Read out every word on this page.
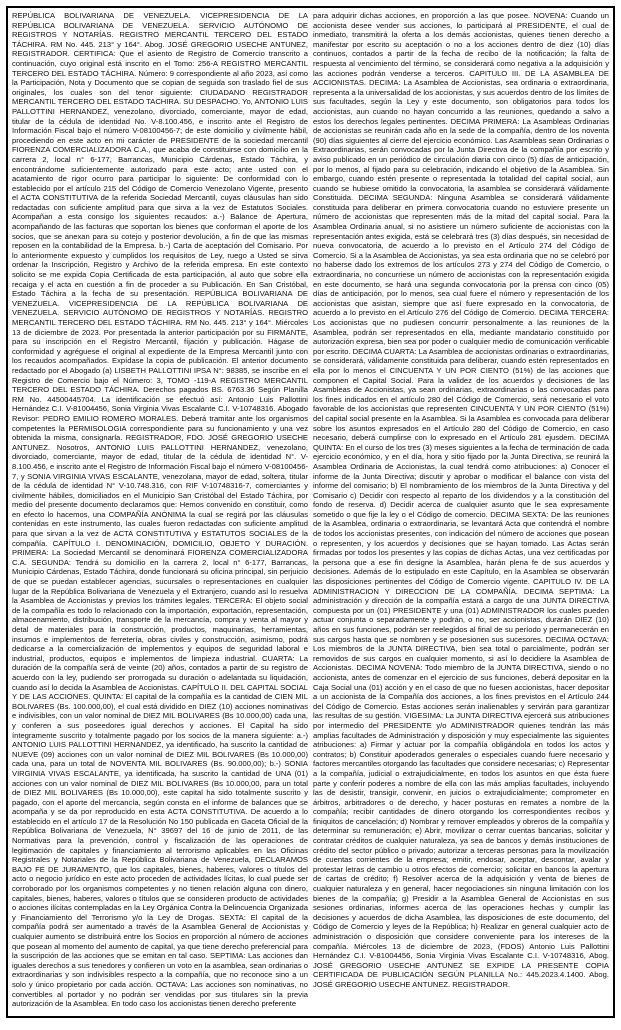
REPÚBLICA BOLIVARIANA DE VENEZUELA. VICEPRESIDENCIA DE LA REPÚBLICA BOLIVARIANA DE VENEZUELA. SERVICIO AUTÓNOMO DE REGISTROS Y NOTARÍAS. REGISTRO MERCANTIL TERCERO DEL ESTADO TÁCHIRA. RM No. 445. 213° y 164°. Abog. JOSÉ GREGORIO USECHE ANTUNEZ, REGISTRADOR. CERTIFICA: Que el asiento de Registro de Comercio transcrito a continuación, cuyo original está inscrito en el Tomo: 256-A REGISTRO MERCANTIL TERCERO DEL ESTADO TÁCHIRA. Número: 9 correspondiente al año 2023, así como la Participación, Nota y Documento que se copian de seguida son traslado fiel de sus originales, los cuales son del tenor siguiente: CIUDADANO REGISTRADOR MERCANTIL TERCERO DEL ESTADO TACHIRA. SU DESPACHO. Yo, ANTONIO LUIS PALLOTTINI HERNANDEZ, venezolano, divorciado, comerciante, mayor de edad, titular de la cédula de identidad No. V-8.100.456, e inscrito ante el Registro de Información Fiscal bajo el número V-08100456-7; de este domicilio y civilmente hábil, procediendo en este acto en mi carácter de PRESIDENTE de la sociedad mercantil FIORENZA COMERCIALIZADORA C.A., que acaba de constituirse con domicilio en la carrera 2, local n° 6-177, Barrancas, Municipio Cárdenas, Estado Táchira, y encontrándome suficientemente autorizado para este acto; ante usted con el acatamiento de rigor ocurro para participar lo siguiente: De conformidad con lo establecido por el artículo 215 del Código de Comercio Venezolano Vigente, presento el ACTA CONSTITUTIVA de la referida Sociedad Mercantil, cuyas cláusulas han sido redactadas con suficiente amplitud para que sirva a la vez de Estatutos Sociales. Acompañan a esta consigo los siguientes recaudos: a.-) Balance de Apertura, acompañando de las facturas que soportan los bienes que conforman el aporte de los socios, que se anexan para su cotejo y posterior devolución, a fin de que las mismas reposen en la contabilidad de la Empresa. b.-) Carta de aceptación del Comisario. Por lo anteriormente expuesto y cumplidos los requisitos de Ley, ruego a Usted se sirva ordenar la Inscripción, Registro y Archivo de la referida empresa. En este contexto solicito se me expida Copia Certificada de esta participación, al auto que sobre ella recaiga y el acta en cuestión a fin de proceder a su Publicación. En San Cristóbal, Estado Táchira a la fecha de su presentación. REPÚBLICA BOLIVARIANA DE VENEZUELA. VICEPRESIDENCIA DE LA REPÚBLICA BOLIVARIANA DE VENEZUELA. SERVICIO AUTÓNOMO DE REGISTROS Y NOTARÍAS. REGISTRO MERCANTIL TERCERO DEL ESTADO TÁCHIRA. RM No. 445. 213° y 164°. Miércoles 13 de diciembre de 2023. Por presentada la anterior participación por su FIRMANTE, para su inscripción en el Registro Mercantil, fíjación y publicación. Hágase de conformidad y agréguese el original al expediente de la Empresa Mercantil junto con los recaudos acompañados. Expídase la copia de publicación. El anterior documento redactado por el Abogado (a) LISBETH PALLOTTINI IPSA N°: 98385, se inscribe en el Registro de Comercio bajo el Número: 3, TOMO -119-A REGISTRO MERCANTIL TERCERO DEL ESTADO TÁCHIRA. Derechos pagados BS. 6763.36 Según Planilla RM No. 44500445704. La identificación se efectuó así: Antonio Luis Pallottini Hernández C.I. V-81004456, Sonia Virginia Vivas Escalante C.I. V-10748316. Abogado Revisor: PEDRO EMILIO ROMERO MORALES. Deberá tramitar ante los organismos competentes la PERMISOLOGIA correspondiente para su funcionamiento y una vez obtenida la misma, consignarla. REGISTRADOR, FDO. JOSÉ GREGORIO USECHE ANTUNEZ. Nosotros, ANTONIO LUIS PALLOTTINI HERNANDEZ, venezolano, divorciado, comerciante, mayor de edad, titular de la cédula de identidad N°. V-8.100.456, e inscrito ante el Registro de Información Fiscal bajo el número V-08100456-7, y SONIA VIRGINIA VIVAS ESCALANTE, venezolana, mayor de edad, soltera, titular de la cédula de identidad N° V-10.748.316, con RIF V-10748316-7, comerciantes y civilmente hábiles, domiciliados en el Municipio San Cristóbal del Estado Táchira, por medio del presente documento declaramos que: Hemos convenido en constituir, como en efecto lo hacemos, una COMPAÑÍA ANÓNIMA la cual se regirá por las cláusulas contenidas en este instrumento, las cuales fueron redactadas con suficiente amplitud para que sirvan a la vez de ACTA CONSTITUTIVA y ESTATUTOS SOCIALES de la compañía. CAPÍTULO I. DENOMINACIÓN, DOMICILIO, OBJETO Y DURACIÓN. PRIMERA: La Sociedad Mercantil se denominará FIORENZA COMERCIALIZADORA C.A. SEGUNDA: Tendrá su domicilio en la carrera 2, local n° 6-177, Barrancas, Municipio Cárdenas, Estado Táchira, donde funcionará su oficina principal, sin perjuicio de que se puedan establecer agencias, sucursales o representaciones en cualquier lugar de la República Bolivariana de Venezuela y el Extranjero, cuando así lo resuelva la Asamblea de Accionistas y previos los trámites legales. TERCERA: El objeto social de la compañía es todo lo relacionado con la importación, exportación, representación, almacenamiento, distribución, transporte de la mercancía, compra y venta al mayor y detal de materiales para la construcción, productos, maquinarias, herramientas, insumos e implementos de ferretería, obras civiles y construcción, asimismo, podrá dedicarse a la comercialización de implementos y equipos de seguridad laboral e industrial, productos, equipos e implementos de limpieza industrial. CUARTA: La duración de la compañía será de veinte (20) años, contados a partir de su registro de acuerdo con la ley, pudiendo ser prorrogada su duración o adelantada su liquidación, cuando así lo decida la Asamblea de Accionistas. CAPÍTULO II. DEL CAPITAL SOCIAL Y DE LAS ACCIONES. QUINTA: El capital de la compañía es la cantidad de CIEN MIL BOLIVARES (Bs. 100.000,00), el cual está dividido en DIEZ (10) acciones nominativas e indivisibles, con un valor nominal de DIEZ MIL BOLIVARES (Bs 10.000,00) cada una, y conferen a sus poseedores igual derechos y acciones. El Capital ha sido íntegramente suscrito y totalmente pagado por los socios de la manera siguiente: a.-) ANTONIO LUIS PALLOTTINI HERNANDEZ, ya identificado, ha suscrito la cantidad de NUEVE (09) acciones con un valor nominal de DIEZ MIL BOLIVARES (Bs 10.000,00) cada una, para un total de NOVENTA MIL BOLIVARES (Bs. 90.000,00); b.-) SONIA VIRGINIA VIVAS ESCALANTE, ya identificada, ha suscrito la cantidad de UNA (01) acciones con un valor nominal de DIEZ MIL BOLIVARES (Bs 10.000,00, para un total de DIEZ MIL BOLIVARES (Bs 10.000,00), este capital ha sido totalmente suscrito y pagado, con el aporte del mercancía, según consta en el informe de balances que se acompaña y se da por reproducido en esta ACTA CONSTITUTIVA. De acuerdo a lo establecido en el artículo 17 de la Resolución No 150 publicada en Gaceta Oficial de la República Bolivariana de Venezuela, N° 39697 del 16 de junio de 2011, de las Normativas para la prevención, control y fiscalización de las operaciones de legitimación de capitales y financiamiento al terrorismo aplicables en las Oficinas Registrales y Notariales de la República Bolivariana de Venezuela, DECLARAMOS BAJO FE DE JURAMENTO, que los capitales, bienes, haberes, valores o títulos del acto o negocio jurídico en este acto proceden de actividades lícitas, lo cual puede ser corroborado por los organismos competentes y no tienen relación alguna con dinero, capitales, bienes, haberes, valores o títulos que se consideren producto de actividades o acciones ilícitas contempladas en la Ley Orgánica Contra la Delincuencia Organizada y Financiamiento del Terrorismo y/o la Ley de Drogas. SEXTA: El capital de la compañía podrá ser aumentado a través de la Asamblea General de Accionistas y cualquier aumento se distribuirá entre los Socios en proporción al número de acciones que posean al momento del aumento de capital, ya que tiene derecho preferencial para la suscripción de las acciones que se emitan en tal caso. SEPTIMA: Las acciones dan iguales derechos a sus tenedores y confieren un voto en la asamblea, sean ordinarias o extraordinarias y son indivisibles respecto a la compañía, que no reconoce sino a un solo y único propietario por cada acción. OCTAVA: Las acciones son nominativas, no convertibles al portador y no podrán ser vendidas por sus titulares sin la previa autorización de la Asamblea. En todo caso los accionistas tienen derecho preferente

para adquirir dichas acciones, en proporción a las que posee. NOVENA: Cuando un accionista desee vender sus acciones, lo participará al PRESIDENTE, el cual de inmediato, transmitirá la oferta a los demás accionistas, quienes tienen derecho a manifestar por escrito su aceptación o no a los acciones dentro de diez (10) días continuos, contados a partir de la fecha de recibo de la notificación; la falta de respuesta al vencimiento del término, se considerará como negativa a la adquisición y las acciones podrán venderse a terceros. CAPITULO III. DE LA ASAMBLEA DE ACCIONISTAS. DECIMA: La Asamblea de Accionistas, sea ordinaria o extraordinaria, representa a la universalidad de los accionistas, y sus acuerdos dentro de los límites de sus facultades, según la Ley y este documento, son obligatorios para todos los accionistas, aun cuando no hayan concurrido a las reuniones, quedando a salvo a estos los derechos legales pertinentes. DECIMA PRIMERA: La Asambleas Ordinarias de accionistas se reunirán cada año en la sede de la compañía, dentro de los noventa (90) días siguientes al cierre del ejercicio económico. Las Asambleas sean Ordinarias o Extraordinarias, serán convocadas por la Junta Directiva de la compañía por escrito y aviso publicado en un periódico de circulación diaria con cinco (5) días de anticipación, por lo menos, al fijado para su celebración, indicando el objetivo de la Asamblea. Sin embargo, cuando estén presente o representada la totalidad del capital social, aun cuando se hubiese omitido la convocatoria, la asamblea se considerará válidamente Constituida. DECIMA SEGUNDA: Ninguna Asamblea se considerará válidamente constituida para deliberar en primera convocatoria cuando no estuviere presente un número de accionistas que representen más de la mitad del capital social. Para la Asamblea Ordinaria anual, si no asistiere un número suficiente de accionistas con la representación antes exigida, está se celebrará tres (3) días después, sin necesidad de nueva convocatoria, de acuerdo a lo previsto en el Artículo 274 del Código de Comercio. Si a la Asamblea de Accionistas, ya sea esta ordinaria que no se celebró por no haberse dado los extremos de los artículos 273 y 274 del Código de Comercio, o extraordinaria, no concurriese un número de accionistas con la representación exigida en este documento, se hará una segunda convocatoria por la prensa con cinco (05) días de anticipación, por lo menos, sea cual fuere el número y representación de los accionistas que asistan, siempre que así fuere expresado en la convocatoria, de acuerdo a lo previsto en el Artículo 276 del Código de Comercio. DECIMA TERCERA: Los accionistas que no pudiesen concurrir personalmente a las reuniones de la Asamblea, podrán ser representados en ella, mediante mandatario constituido por autorización expresa, bien sea por poder o cualquier medio de comunicación verificable por escrito. DECIMA CUARTA: La Asamblea de accionistas ordinarias o extraordinarias, se considerará, válidamente constituida para deliberar, cuando estén representados en ella por lo menos el CINCUENTA Y UN POR CIENTO (51%) de las acciones que componen el Capital Social. Para la validez de los acuerdos y decisiones de las Asambleas de Accionistas, ya sean ordinarias, extraordinarias o las convocadas para los fines indicados en el artículo 280 del Código de Comercio, será necesario el voto favorable de los accionistas que representen CINCUENTA Y UN POR CIENTO (51%) del capital social presente en la Asamblea. Si la Asamblea es convocada para deliberar sobre los asuntos expresados en el Artículo 280 del Código de Comercio, en caso necesario, deberá cumplirse con lo expresado en el Artículo 281 ejusdem. DECIMA QUINTA: En el curso de los tres (3) meses siguientes a la fecha de terminación de cada ejercicio económico, y en el día, hora y sitio fijado por la Junta Directiva, se reunirá la Asamblea Ordinaria de Accionistas, la cual tendrá como atribuciones: a) Conocer el informe de la Junta Directiva; discutir y aprobar o modificar el balance con vista del informe del comisario; b) El nombramiento de los miembros de la Junta Directiva y del Comisario c) Decidir con respecto al reparto de los dividendos y a la constitución del fondo de reserva. d) Decidir acerca de cualquier asunto que le sea expresamente sometido o que fije la ley o el Código de comercio. DECIMA SEXTA: De las reuniones de la Asamblea, ordinaria o extraordinaria, se levantará Acta que contendrá el nombre de todos los accionistas presentes, con indicación del número de acciones que posean o representen, y los acuerdos y decisiones que se hayan tomado. Las Actas serán firmadas por todos los presentes y las copias de dichas Actas, una vez certificadas por la persona que a ese fin designe la Asamblea, harán plena fe de sus acuerdos y decisiones. Además de lo estipulado en este Capítulo, en la Asamblea se observarán las disposiciones pertinentes del Código de Comercio vigente. CAPITULO IV. DE LA ADMINISTRACION Y DIRECCION DE LA COMPAÑÍA. DECIMA SEPTIMA: La administración y dirección de la compañía estará a cargo de una JUNTA DIRECTIVA compuesta por un (01) PRESIDENTE y una (01) ADMINISTRADOR los cuales pueden actuar conjunta o separadamente y podrán, o no, ser accionistas, durarán DIEZ (10) años en sus funciones, podrán ser reelegidos al final de su período y permanecerán en sus cargos hasta que se nombren y se posesionen sus sucesores. DECIMA OCTAVA: Los miembros de la JUNTA DIRECTIVA, bien sea total o parcialmente, podrán ser removidos de sus cargos en cualquier momento, si así lo decidiere la Asamblea de Accionistas. DECIMA NOVENA: Todo miembro de la JUNTA DIRECTIVA, siendo o no accionista, antes de comenzar en el ejercicio de sus funciones, deberá depositar en la Caja Social una (01) acción y en el caso de que no fuesen accionistas, hacer depositar a un accionista de la Compañía dos acciones, a los fines previstos en el Artículo 244 del Código de Comercio. Estas acciones serán inalienables y servirán para garantizar las resultas de su gestión. VIGESIMA: La JUNTA DIRECTIVA ejercerá sus atribuciones por intermedio del PRESIDENTE y/o ADMINISTRADOR quienes tendrán las más amplias facultades de Administración y disposición y muy especialmente las siguientes atribuciones: a) Firmar y actuar por la compañía obligándola en todos los actos y contratos; b) Constituir apoderados generales o especiales cuando fuere necesario y factores mercantiles otorgando las facultades que considere necesarias; c) Representar a la compañía, judicial o extrajudicialmente, en todos los asuntos en que ésta fuere parte y conferir poderes a nombre de ella con las más amplias facultades, incluyendo las de desistir, transigir, convenir, en juicios o extrajudicialmente; comprometer en árbitros, arbitradores o de derecho, y hacer posturas en remates a nombre de la compañía; recibir cantidades de dinero otorgando los correspondientes recibos y finiquitos de cancelación; d) Nombrar y remover empleados y obreros de la compañía y determinar su remuneración; e) Abrir, movilizar o cerrar cuentas bancarias, solicitar y contratar créditos de cualquier naturaleza, ya sea de bancos y demás instituciones de crédito del sector público o privado; autorizar a terceras personas para la movilización de cuentas corrientes de la empresa; emitir, endosar, aceptar, descontar, avalar y protestar letras de cambio u otros efectos de comercio; solicitar en bancos la apertura de cartas de crédito; f) Resolver acerca de la adquisición y venta de bienes de cualquier naturaleza y en general, hacer negociaciones sin ninguna limitación con los bienes de la compañía; g) Presidir a la Asamblea General de Accionistas en sus sesiones ordinarias, informes acerca de las operaciones hechas y cumplir las decisiones y acuerdos de dicha Asamblea, las disposiciones de este documento, del Código de Comercio y leyes de la República; h) Realizar en general cualquier acto de administración o disposición que considere conveniente para los intereses de la compañía. Miércoles 13 de diciembre de 2023, (FDOS) Antonio Luis Pallottini Hernández C.I. V-81004456, Sonia Virginia Vivas Escalante C.I. V-10748316, Abog. JOSÉ GREGORIO USECHE ANTUNEZ SE EXPIDE LA PRESENTE COPIA CERTIFICADA DE PUBLICACIÓN SEGÚN PLANILLA No.: 445.2023.4.1400. Abog. JOSÉ GREGORIO USECHE ANTUNEZ. REGISTRADOR.
